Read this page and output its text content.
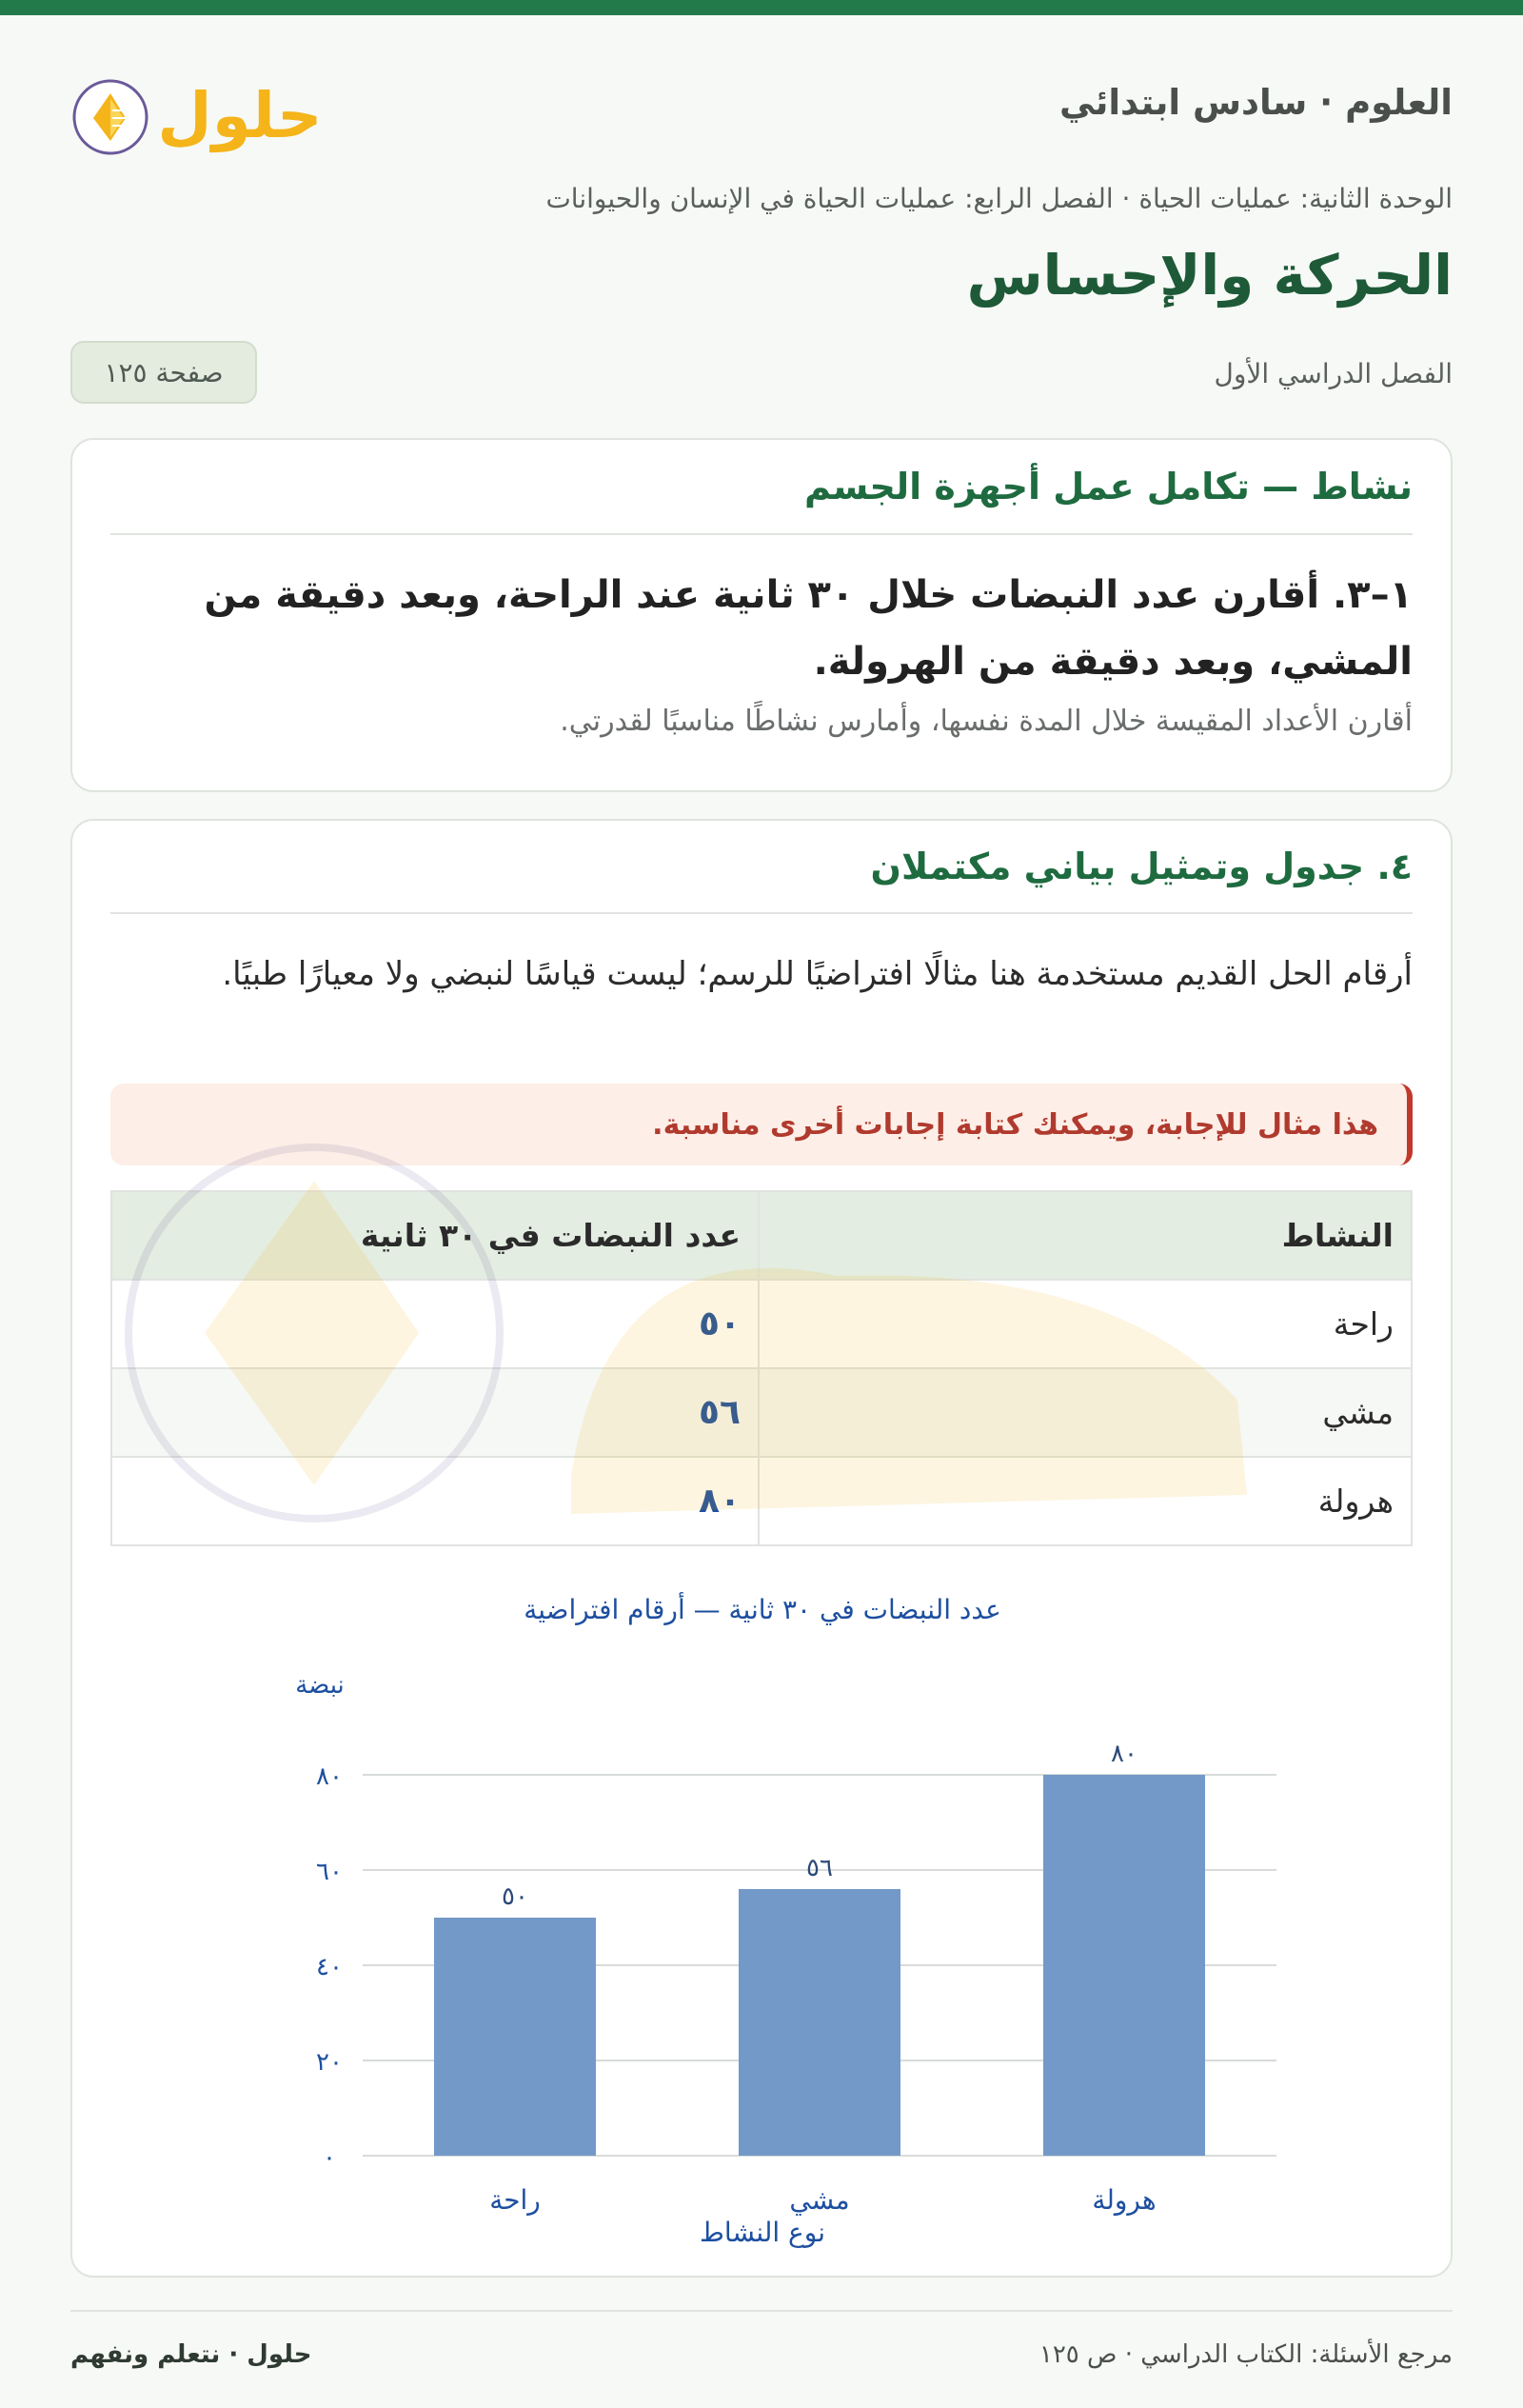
العلوم · سادس ابتدائي
حلول
الوحدة الثانية: عمليات الحياة · الفصل الرابع: عمليات الحياة في الإنسان والحيوانات
الحركة والإحساس
الفصل الدراسي الأول
صفحة ١٢٥
نشاط — تكامل عمل أجهزة الجسم
١–٣. أقارن عدد النبضات خلال ٣٠ ثانية عند الراحة، وبعد دقيقة من المشي، وبعد دقيقة من الهرولة.
أقارن الأعداد المقيسة خلال المدة نفسها، وأمارس نشاطًا مناسبًا لقدرتي.
٤. جدول وتمثيل بياني مكتملان
أرقام الحل القديم مستخدمة هنا مثالًا افتراضيًا للرسم؛ ليست قياسًا لنبضي ولا معيارًا طبيًا.
هذا مثال للإجابة، ويمكنك كتابة إجابات أخرى مناسبة.
النشاط	عدد النبضات في ٣٠ ثانية
راحة	٥٠
مشي	٥٦
هرولة	٨٠
عدد النبضات في ٣٠ ثانية — أرقام افتراضية
نبضة
٠
٢٠
٤٠
٦٠
٨٠
٥٠
راحة
٥٦
مشي
٨٠
هرولة
نوع النشاط
مرجع الأسئلة: الكتاب الدراسي · ص ١٢٥
حلول · نتعلم ونفهم
